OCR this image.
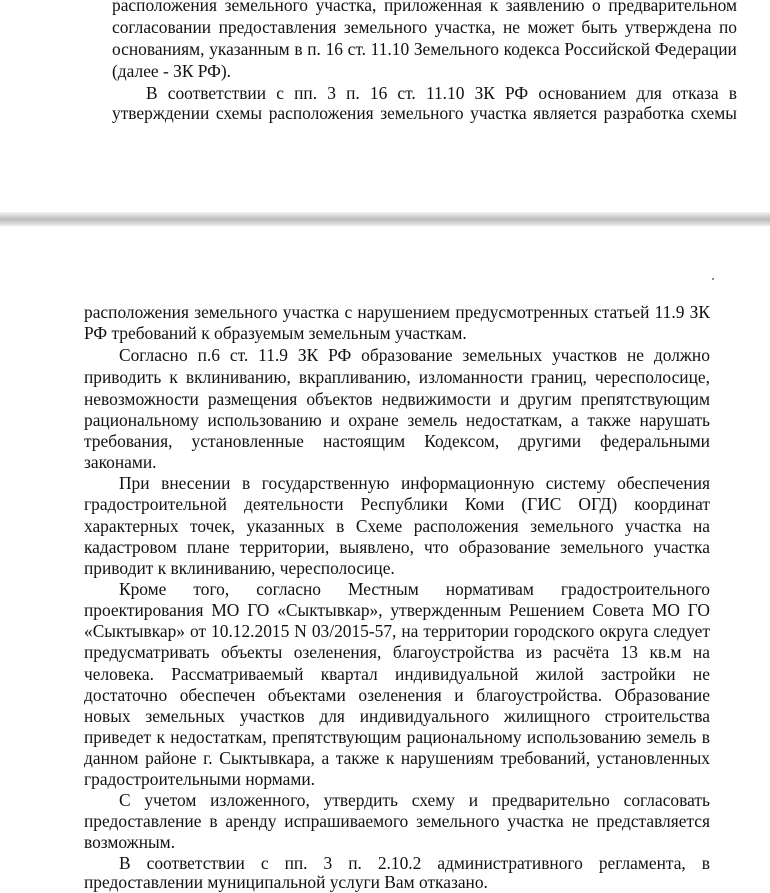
расположения земельного участка, приложенная к заявлению о предварительном
согласовании предоставления земельного участка, не может быть утверждена по
основаниям, указанным в п. 16 ст. 11.10 Земельного кодекса Российской Федерации
(далее - ЗК РФ).
В соответствии с пп. 3 п. 16 ст. 11.10 ЗК РФ основанием для отказа в
утверждении схемы расположения земельного участка является разработка схемы
расположения земельного участка с нарушением предусмотренных статьей 11.9 ЗК
РФ требований к образуемым земельным участкам.
Согласно п.6 ст. 11.9 ЗК РФ образование земельных участков не должно
приводить к вклиниванию, вкрапливанию, изломанности границ, чересполосице,
невозможности размещения объектов недвижимости и другим препятствующим
рациональному использованию и охране земель недостаткам, а также нарушать
требования, установленные настоящим Кодексом, другими федеральными
законами.
При внесении в государственную информационную систему обеспечения
градостроительной деятельности Республики Коми (ГИС ОГД) координат
характерных точек, указанных в Схеме расположения земельного участка на
кадастровом плане территории, выявлено, что образование земельного участка
приводит к вклиниванию, чересполосице.
Кроме того, согласно Местным нормативам градостроительного
проектирования МО ГО «Сыктывкар», утвержденным Решением Совета МО ГО
«Сыктывкар» от 10.12.2015 N 03/2015-57, на территории городского округа следует
предусматривать объекты озеленения, благоустройства из расчёта 13 кв.м на
человека. Рассматриваемый квартал индивидуальной жилой застройки не
достаточно обеспечен объектами озеленения и благоустройства. Образование
новых земельных участков для индивидуального жилищного строительства
приведет к недостаткам, препятствующим рациональному использованию земель в
данном районе г. Сыктывкара, а также к нарушениям требований, установленных
градостроительными нормами.
С учетом изложенного, утвердить схему и предварительно согласовать
предоставление в аренду испрашиваемого земельного участка не представляется
возможным.
В соответствии с пп. 3 п. 2.10.2 административного регламента, в
предоставлении муниципальной услуги Вам отказано.
